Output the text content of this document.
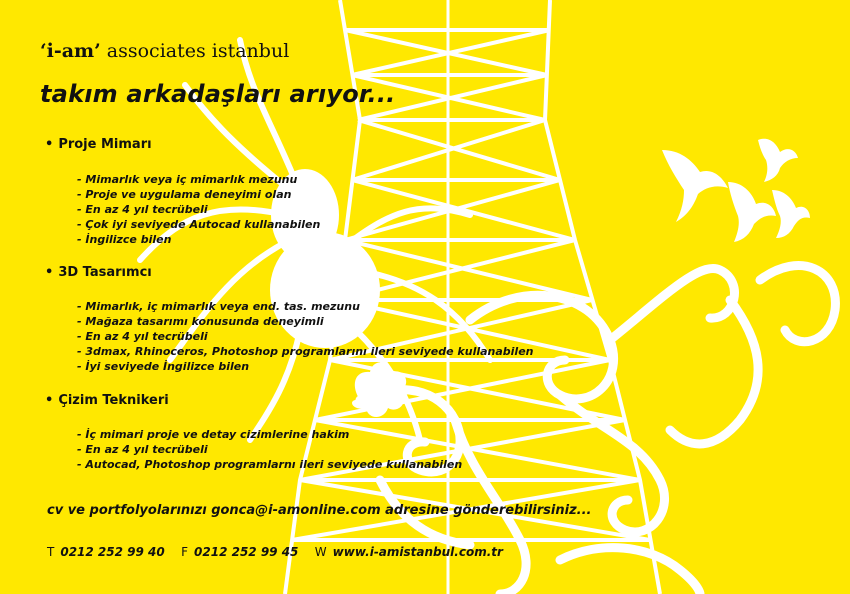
‘i-am’ associates istanbul
takım arkadaşları arıyor...
• Proje Mimarı
- Mimarlık veya iç mimarlık mezunu
- Proje ve uygulama deneyimi olan
- En az 4 yıl tecrübeli
- Çok iyi seviyede Autocad kullanabilen
- İngilizce bilen
• 3D Tasarımcı
- Mimarlık, iç mimarlık veya end. tas. mezunu
- Mağaza tasarımı konusunda deneyimli
- En az 4 yıl tecrübeli
- 3dmax, Rhinoceros, Photoshop programlarını ileri seviyede kullanabilen
- İyi seviyede İngilizce bilen
• Çizim Teknikeri
- İç mimari proje ve detay cizimlerine hakim
- En az 4 yıl tecrübeli
- Autocad, Photoshop programlarnı ileri seviyede kullanabilen
cv ve portfolyolarınızı gonca@i-amonline.com adresine gönderebilirsiniz...
T 0212 252 99 40 F 0212 252 99 45 W www.i-amistanbul.com.tr
